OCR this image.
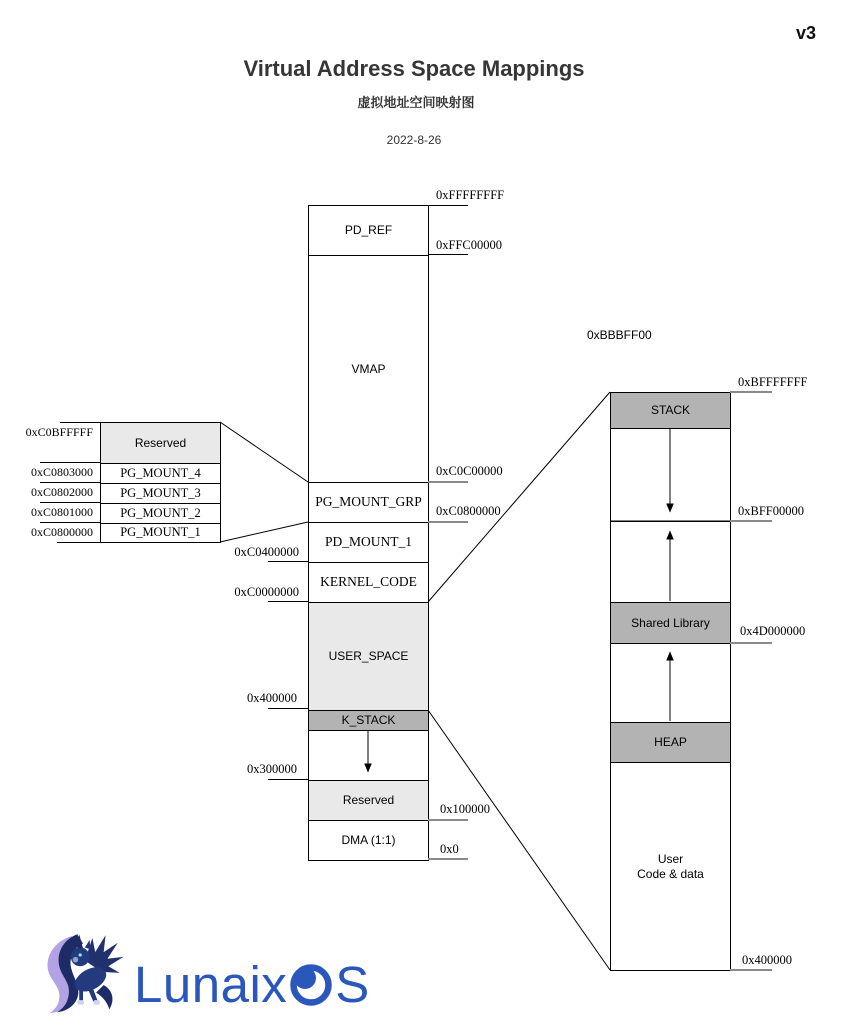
v3
Virtual Address Space Mappings
虚拟地址空间映射图
2022-8-26
PD_REF
VMAP
PG_MOUNT_GRP
PD_MOUNT_1
KERNEL_CODE
USER_SPACE
K_STACK
Reserved
DMA (1:1)
0xFFFFFFFF
0xFFC00000
0xC0C00000
0xC0800000
0x100000
0x0
0xC0400000
0xC0000000
0x400000
0x300000
Reserved
PG_MOUNT_4
PG_MOUNT_3
PG_MOUNT_2
PG_MOUNT_1
0xC0BFFFFF
0xC0803000
0xC0802000
0xC0801000
0xC0800000
STACK
Shared Library
HEAP
User
Code & data
0xBBBFF00
0xBFFFFFFF
0xBFF00000
0x4D000000
0x400000
Lunaix S
